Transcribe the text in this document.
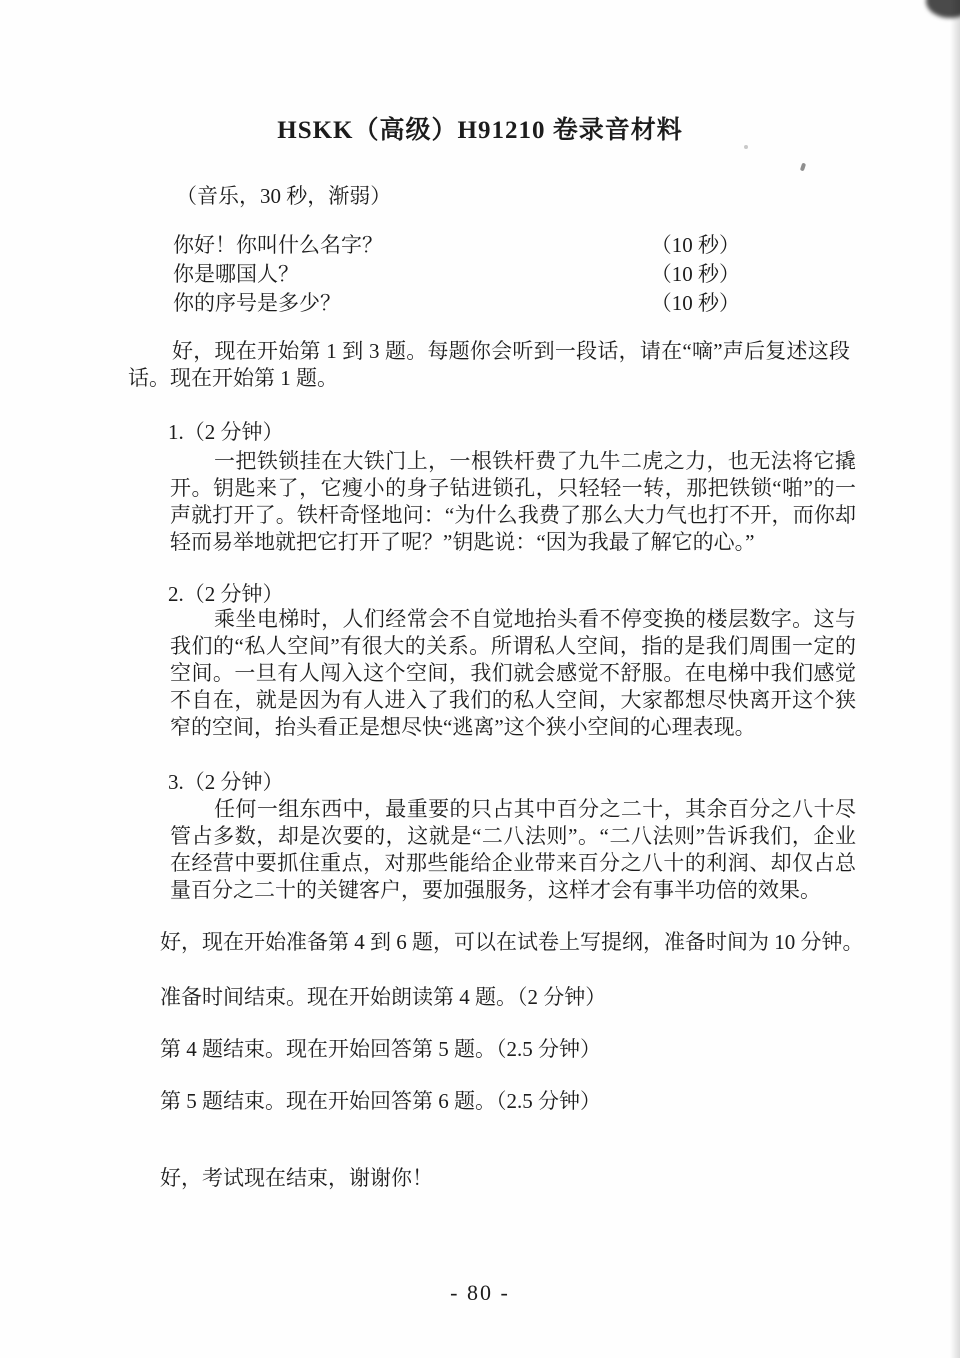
HSKK（高级）H91210 卷录音材料
（音乐，30 秒，渐弱）
你好！你叫什么名字？	（10 秒）
你是哪国人？	（10 秒）
你的序号是多少？	（10 秒）
好，现在开始第 1 到 3 题。每题你会听到一段话，请在“嘀”声后复述这段话。现在开始第 1 题。
1.（2 分钟）
一把铁锁挂在大铁门上，一根铁杆费了九牛二虎之力，也无法将它撬开。钥匙来了，它瘦小的身子钻进锁孔，只轻轻一转，那把铁锁“啪”的一声就打开了。铁杆奇怪地问：“为什么我费了那么大力气也打不开，而你却轻而易举地就把它打开了呢？”钥匙说：“因为我最了解它的心。”
2.（2 分钟）
乘坐电梯时，人们经常会不自觉地抬头看不停变换的楼层数字。这与我们的“私人空间”有很大的关系。所谓私人空间，指的是我们周围一定的空间。一旦有人闯入这个空间，我们就会感觉不舒服。在电梯中我们感觉不自在，就是因为有人进入了我们的私人空间，大家都想尽快离开这个狭窄的空间，抬头看正是想尽快“逃离”这个狭小空间的心理表现。
3.（2 分钟）
任何一组东西中，最重要的只占其中百分之二十，其余百分之八十尽管占多数，却是次要的，这就是“二八法则”。“二八法则”告诉我们，企业在经营中要抓住重点，对那些能给企业带来百分之八十的利润、却仅占总量百分之二十的关键客户，要加强服务，这样才会有事半功倍的效果。
好，现在开始准备第 4 到 6 题，可以在试卷上写提纲，准备时间为 10 分钟。
准备时间结束。现在开始朗读第 4 题。（2 分钟）
第 4 题结束。现在开始回答第 5 题。（2.5 分钟）
第 5 题结束。现在开始回答第 6 题。（2.5 分钟）
好，考试现在结束，谢谢你！
- 80 -
